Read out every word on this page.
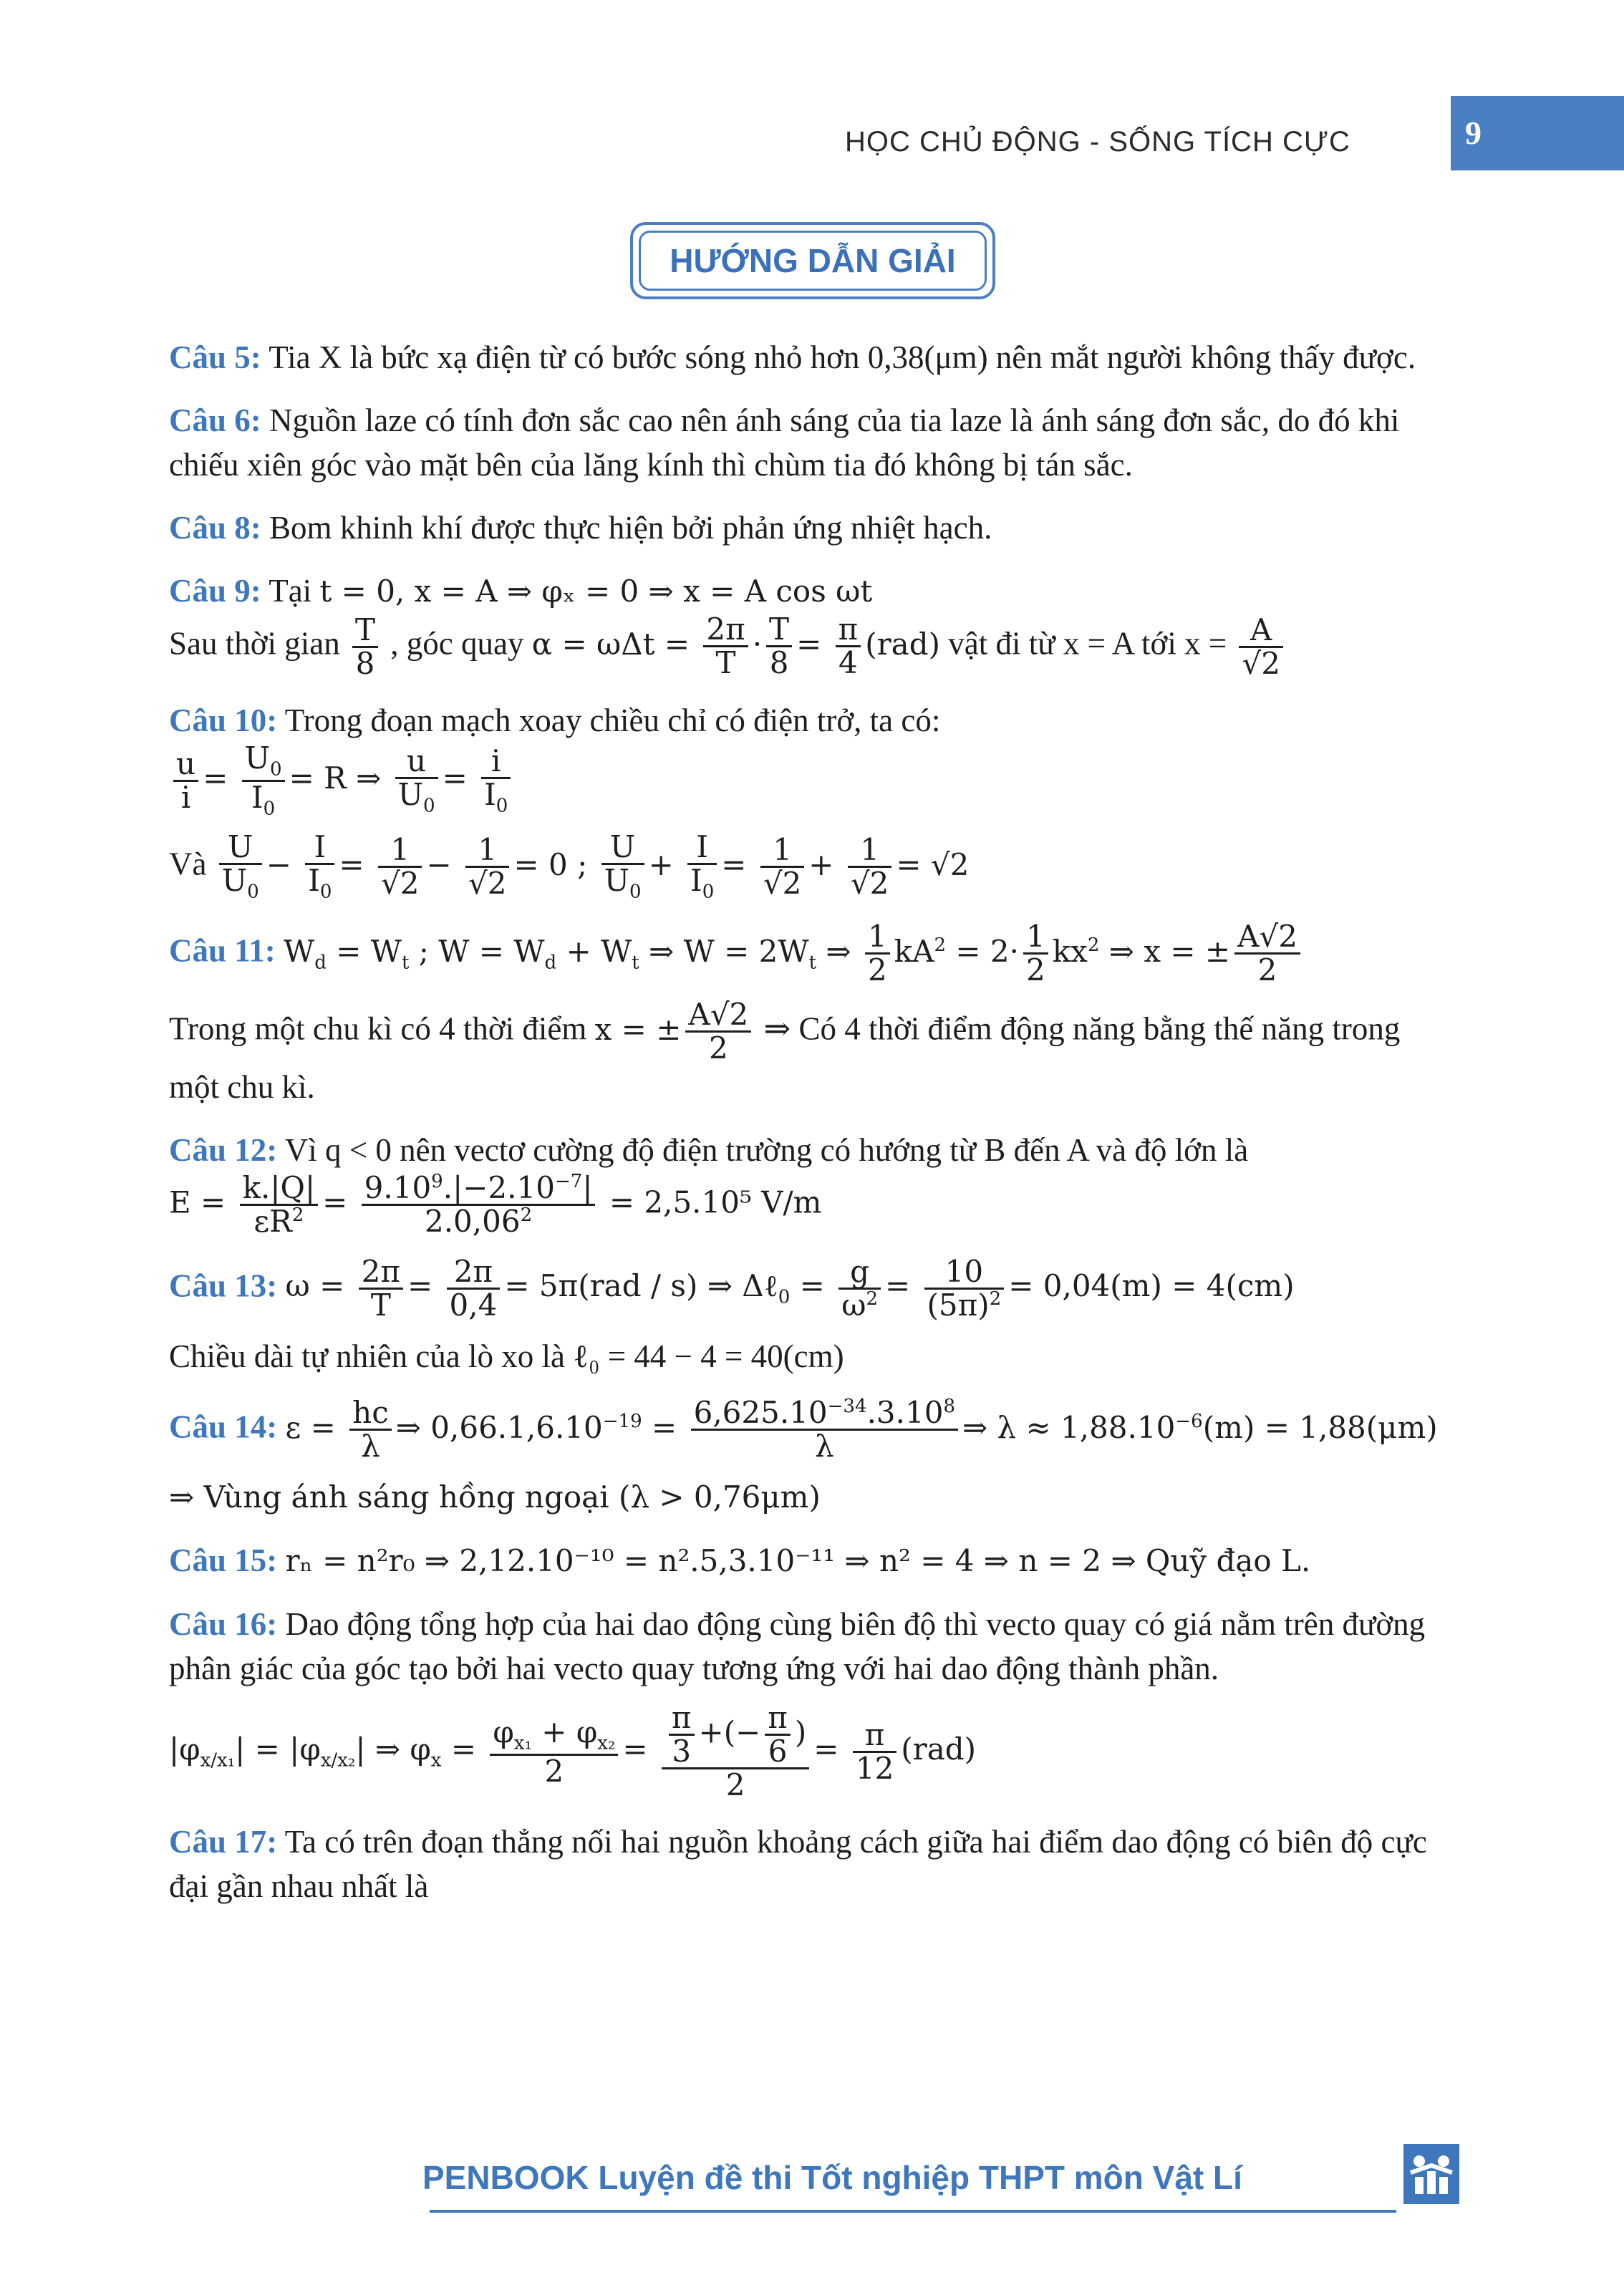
HỌC CHỦ ĐỘNG - SỐNG TÍCH CỰC	9
HƯỚNG DẪN GIẢI

Câu 5: Tia X là bức xạ điện từ có bước sóng nhỏ hơn 0,38(μm) nên mắt người không thấy được.

Câu 6: Nguồn laze có tính đơn sắc cao nên ánh sáng của tia laze là ánh sáng đơn sắc, do đó khi chiếu xiên góc vào mặt bên của lăng kính thì chùm tia đó không bị tán sắc.

Câu 8: Bom khinh khí được thực hiện bởi phản ứng nhiệt hạch.

Câu 9: Tại t = 0, x = A ⇒ φₓ = 0 ⇒ x = A cos ωt
Sau thời gian $\frac{T}{8}$ , góc quay $\alpha = \omega\Delta t = \frac{2\pi}{T} \cdot \frac{T}{8} = \frac{\pi}{4} (rad)$ vật đi từ x = A tới $x = \frac{A}{√2}$
Câu 10: Trong đoạn mạch xoay chiều chỉ có điện trở, ta có:
$\frac{u}{i} = \frac{U_0}{I_0} = R$ ⇒ $\frac{u}{U_0} = \frac{i}{I_0}$
Và $\frac{U}{U_0} - \frac{I}{I_0} = \frac{1}{√2} - \frac{1}{√2} = 0$ ; $\frac{U}{U_0} + \frac{I}{I_0} = \frac{1}{√2} + \frac{1}{√2} = √2$
Câu 11: $W_d = W_t$ ; $W = W_d + W_t$ ⇒ $W = 2W_t$ ⇒ $\frac{1}{2} kA^2 = 2\cdot \frac{1}{2} kx^2$ ⇒ x = ± $\frac{A√2}{2}$
Trong một chu kì có 4 thời điểm x = ± $\frac{A√2}{2}$ ⇒ Có 4 thời điểm động năng bằng thế năng trong một chu kì.
Câu 12: Vì q < 0 nên vectơ cường độ điện trường có hướng từ B đến A và độ lớn là
$E = \frac{k.|Q|}{\varepsilon R^2} = \frac{9.10^9.|-2.10^{-7}|}{2.0,06^2} = 2,5.10^5$ V/m
Câu 13: $\omega = \frac{2\pi}{T} = \frac{2\pi}{0,4} = 5\pi(rad / s)$ ⇒ Δℓ$_0$ = $\frac{g}{\omega^2} = \frac{10}{(5\pi)^2} = 0,04(m) = 4(cm)$
Chiều dài tự nhiên của lò xo là ℓ₀ = 44 − 4 = 40(cm)
Câu 14: $\varepsilon = \frac{hc}{\lambda}$ ⇒ $0,66.1,6.10^{-19} = \frac{6,625.10^{-34}.3.10^8}{\lambda}$ ⇒ $\lambda \approx 1,88.10^{-6}(m) = 1,88(\mu m)$
⇒ Vùng ánh sáng hồng ngoại (λ > 0,76μm)

Câu 15: rₙ = n²r₀ ⇒ 2,12.10⁻¹⁰ = n².5,3.10⁻¹¹ ⇒ n² = 4 ⇒ n = 2 ⇒ Quỹ đạo L.

Câu 16: Dao động tổng hợp của hai dao động cùng biên độ thì vecto quay có giá nằm trên đường phân giác của góc tạo bởi hai vecto quay tương ứng với hai dao động thành phần.
$|\varphi_{x/x_1}| = |\varphi_{x/x_2}|$ ⇒ $\varphi_x = \frac{\varphi_{x_1} + \varphi_{x_2}}{2} = \frac{\frac{\pi}{3} +(- \frac{\pi}{6} )}{2} = \frac{\pi}{12} (rad)$

Câu 17: Ta có trên đoạn thẳng nối hai nguồn khoảng cách giữa hai điểm dao động có biên độ cực đại gần nhau nhất là

PENBOOK Luyện đề thi Tốt nghiệp THPT môn Vật Lí
